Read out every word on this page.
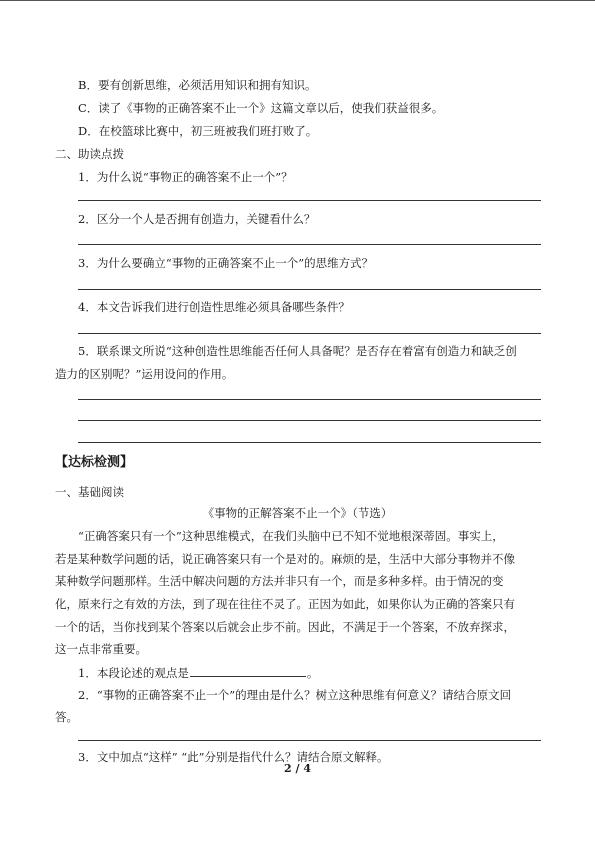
B．要有创新思维，必须活用知识和拥有知识。
C．读了《事物的正确答案不止一个》这篇文章以后，使我们获益很多。
D．在校篮球比赛中，初三班被我们班打败了。
二、助读点拨
1．为什么说“事物正的确答案不止一个”？
2．区分一个人是否拥有创造力，关键看什么？
3．为什么要确立“事物的正确答案不止一个”的思维方式？
4．本文告诉我们进行创造性思维必须具备哪些条件？
5．联系课文所说“这种创造性思维能否任何人具备呢？是否存在着富有创造力和缺乏创
造力的区别呢？”运用设问的作用。
【达标检测】
一、基础阅读
《事物的正解答案不止一个》（节选）
“正确答案只有一个”这种思维模式，在我们头脑中已不知不觉地根深蒂固。事实上，
若是某种数学问题的话，说正确答案只有一个是对的。麻烦的是，生活中大部分事物并不像
某种数学问题那样。生活中解决问题的方法并非只有一个，而是多种多样。由于情况的变
化，原来行之有效的方法，到了现在往往不灵了。正因为如此，如果你认为正确的答案只有
一个的话，当你找到某个答案以后就会止步不前。因此，不满足于一个答案，不放弃探求，
这一点非常重要。
1．本段论述的观点是	。
2．“事物的正确答案不止一个”的理由是什么？树立这种思维有何意义？请结合原文回
答。
3．文中加点“这样” “此”分别是指代什么？请结合原文解释。
2 / 4
